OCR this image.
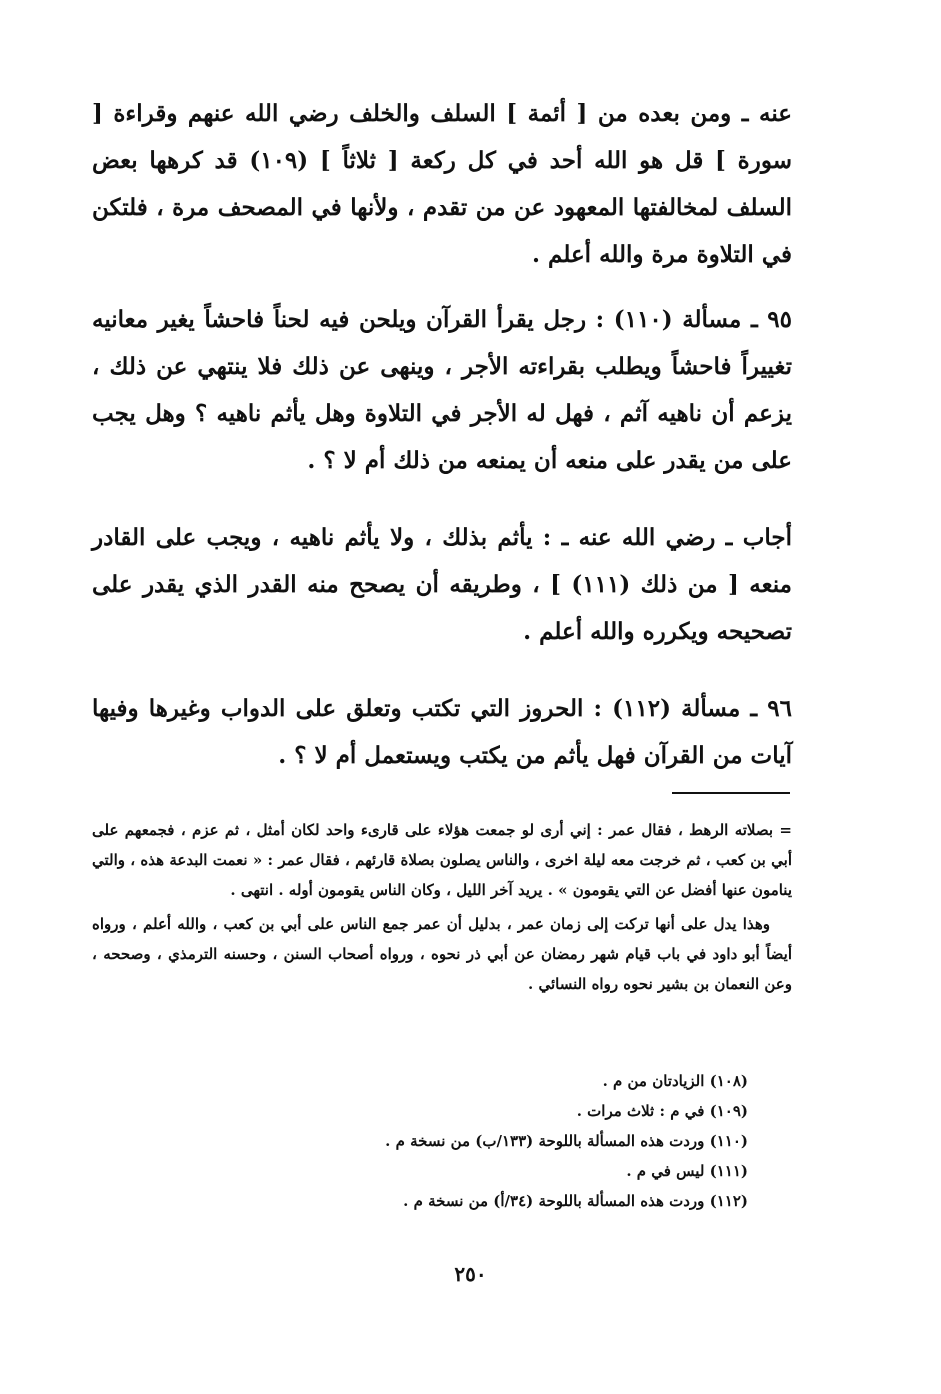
عنه ـ ومن بعده من [ أئمة ] السلف والخلف رضي الله عنهم وقراءة [ سورة ] قل هو الله أحد في كل ركعة [ ثلاثاً ] (١٠٩) قد كرهها بعض السلف لمخالفتها المعهود عن من تقدم ، ولأنها في المصحف مرة ، فلتكن في التلاوة مرة والله أعلم .

٩٥ ـ مسألة (١١٠) : رجل يقرأ القرآن ويلحن فيه لحناً فاحشاً يغير معانيه تغييراً فاحشاً ويطلب بقراءته الأجر ، وينهى عن ذلك فلا ينتهي عن ذلك ، يزعم أن ناهيه آثم ، فهل له الأجر في التلاوة وهل يأثم ناهيه ؟ وهل يجب على من يقدر على منعه أن يمنعه من ذلك أم لا ؟ .

أجاب ـ رضي الله عنه ـ : يأثم بذلك ، ولا يأثم ناهيه ، ويجب على القادر منعه [ من ذلك (١١١) ] ، وطريقه أن يصحح منه القدر الذي يقدر على تصحيحه ويكرره والله أعلم .

٩٦ ـ مسألة (١١٢) : الحروز التي تكتب وتعلق على الدواب وغيرها وفيها آيات من القرآن فهل يأثم من يكتب ويستعمل أم لا ؟ .

= بصلاته الرهط ، فقال عمر : إني أرى لو جمعت هؤلاء على قارىء واحد لكان أمثل ، ثم عزم ، فجمعهم على أبي بن كعب ، ثم خرجت معه ليلة اخرى ، والناس يصلون بصلاة قارئهم ، فقال عمر : « نعمت البدعة هذه ، والتي ينامون عنها أفضل عن التي يقومون » . يريد آخر الليل ، وكان الناس يقومون أوله . انتهى .

وهذا يدل على أنها تركت إلى زمان عمر ، بدليل أن عمر جمع الناس على أبي بن كعب ، والله أعلم ، ورواه أيضاً أبو داود في باب قيام شهر رمضان عن أبي ذر نحوه ، ورواه أصحاب السنن ، وحسنه الترمذي ، وصححه ، وعن النعمان بن بشير نحوه رواه النسائي .

(١٠٨) الزيادتان من م .
(١٠٩) في م : ثلاث مرات .
(١١٠) وردت هذه المسألة باللوحة (١٣٣/ب) من نسخة م .
(١١١) ليس في م .
(١١٢) وردت هذه المسألة باللوحة (٣٤/أ) من نسخة م .
٢٥٠
